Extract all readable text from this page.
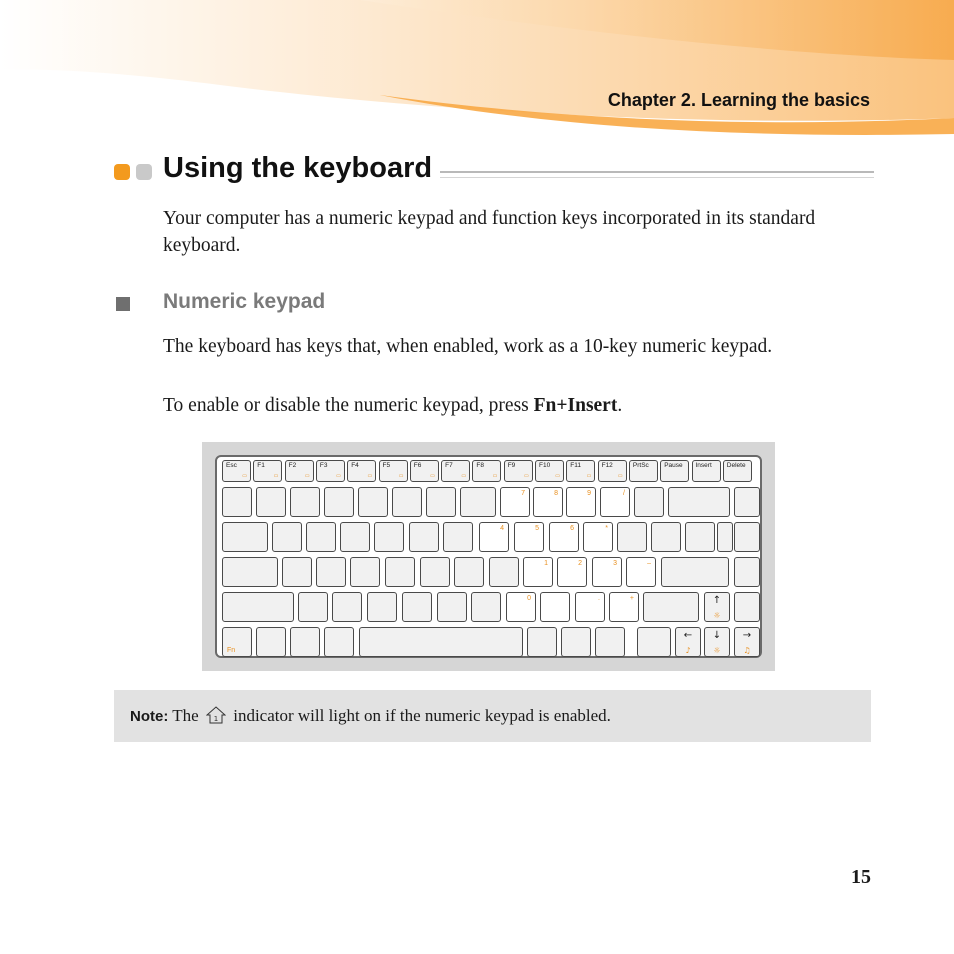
Chapter 2. Learning the basics
Using the keyboard

Your computer has a numeric keypad and function keys incorporated in its standard keyboard.

Numeric keypad

The keyboard has keys that, when enabled, work as a 10-key numeric keypad.

To enable or disable the numeric keypad, press Fn+Insert.

Esc
▭
F1
▭
F2
▭
F3
▭
F4
▭
F5
▭
F6
▭
F7
▭
F8
▭
F9
▭
F10
▭
F11
▭
F12
▭
PrtSc Pause Insert Delete
7	8	9	/
4	5	6	*
1	2	3	–
0	.	+	↑
☼
Fn
←
♪
↓
☼
→
♫
Note: The 1 indicator will light on if the numeric keypad is enabled.
15
